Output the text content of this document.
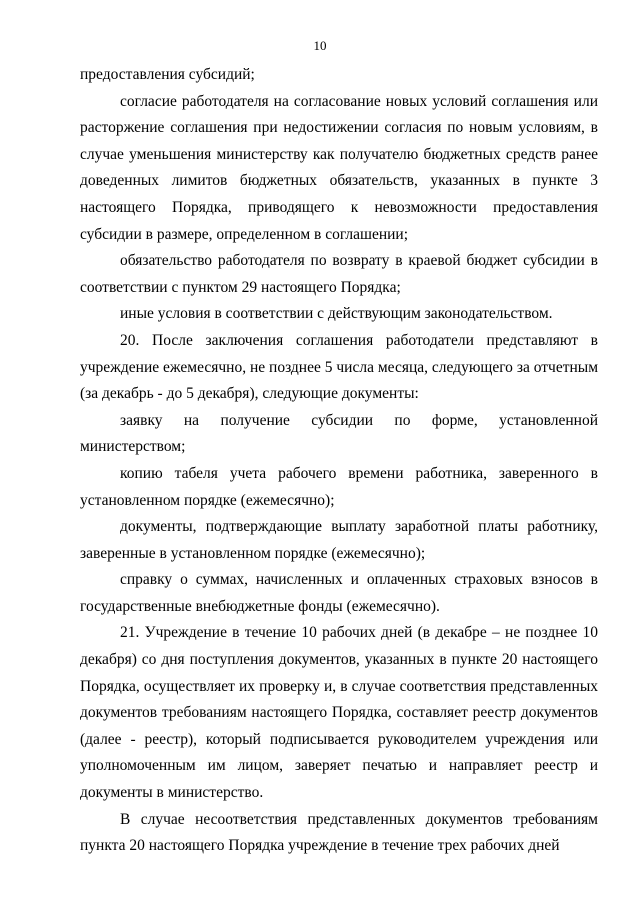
10

предоставления субсидий;

согласие работодателя на согласование новых условий соглашения или расторжение соглашения при недостижении согласия по новым условиям, в случае уменьшения министерству как получателю бюджетных средств ранее доведенных лимитов бюджетных обязательств, указанных в пункте 3 настоящего Порядка, приводящего к невозможности предоставления субсидии в размере, определенном в соглашении;

обязательство работодателя по возврату в краевой бюджет субсидии в соответствии с пунктом 29 настоящего Порядка;

иные условия в соответствии с действующим законодательством.

20. После заключения соглашения работодатели представляют в учреждение ежемесячно, не позднее 5 числа месяца, следующего за отчетным (за декабрь - до 5 декабря), следующие документы:

заявку на получение субсидии по форме, установленной министерством;

копию табеля учета рабочего времени работника, заверенного в установленном порядке (ежемесячно);

документы, подтверждающие выплату заработной платы работнику, заверенные в установленном порядке (ежемесячно);

справку о суммах, начисленных и оплаченных страховых взносов в государственные внебюджетные фонды (ежемесячно).

21. Учреждение в течение 10 рабочих дней (в декабре – не позднее 10 декабря) со дня поступления документов, указанных в пункте 20 настоящего Порядка, осуществляет их проверку и, в случае соответствия представленных документов требованиям настоящего Порядка, составляет реестр документов (далее - реестр), который подписывается руководителем учреждения или уполномоченным им лицом, заверяет печатью и направляет реестр и документы в министерство.

В случае несоответствия представленных документов требованиям пункта 20 настоящего Порядка учреждение в течение трех рабочих дней
